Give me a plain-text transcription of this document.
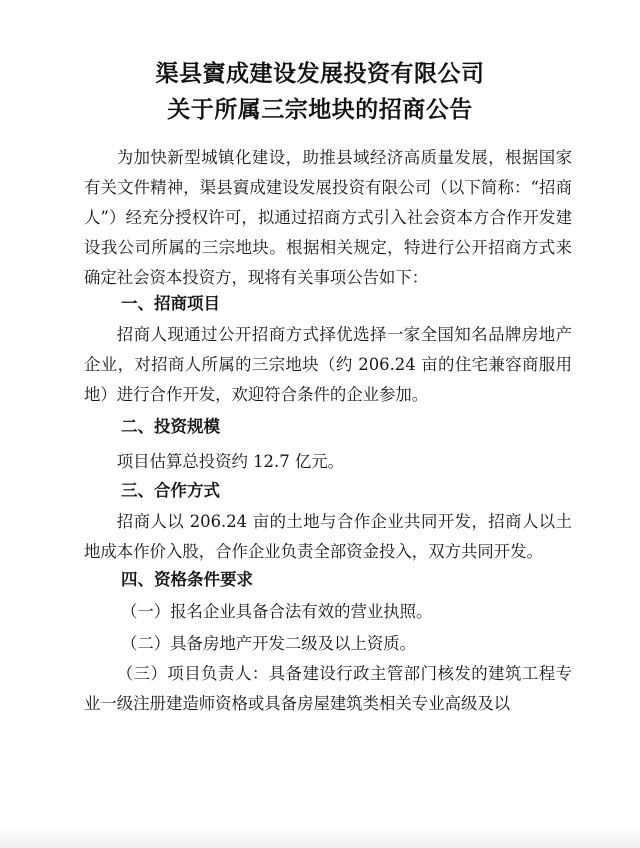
渠县賨成建设发展投资有限公司
关于所属三宗地块的招商公告

为加快新型城镇化建设，助推县域经济高质量发展，根据国家有关文件精神，渠县賨成建设发展投资有限公司（以下简称：“招商人”）经充分授权许可，拟通过招商方式引入社会资本方合作开发建设我公司所属的三宗地块。根据相关规定，特进行公开招商方式来确定社会资本投资方，现将有关事项公告如下：

一、招商项目

招商人现通过公开招商方式择优选择一家全国知名品牌房地产企业，对招商人所属的三宗地块（约 206.24 亩的住宅兼容商服用地）进行合作开发，欢迎符合条件的企业参加。

二、投资规模

项目估算总投资约 12.7 亿元。

三、合作方式

招商人以 206.24 亩的土地与合作企业共同开发，招商人以土地成本作价入股，合作企业负责全部资金投入，双方共同开发。

四、资格条件要求

（一）报名企业具备合法有效的营业执照。

（二）具备房地产开发二级及以上资质。

（三）项目负责人：具备建设行政主管部门核发的建筑工程专业一级注册建造师资格或具备房屋建筑类相关专业高级及以
